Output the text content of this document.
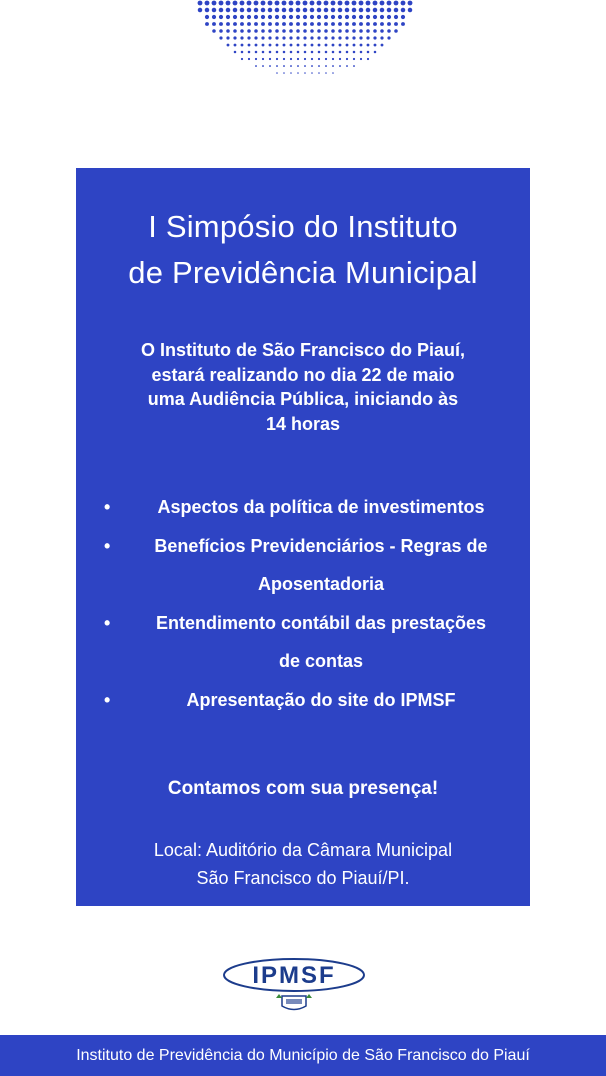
I Simpósio do Instituto
de Previdência Municipal
O Instituto de São Francisco do Piauí,
estará realizando no dia 22 de maio
uma Audiência Pública, iniciando às
14 horas
•	Aspectos da política de investimentos
•	Benefícios Previdenciários - Regras de
Aposentadoria
•	Entendimento contábil das prestações
de contas
•	Apresentação do site do IPMSF
Contamos com sua presença!
Local: Auditório da Câmara Municipal
São Francisco do Piauí/PI.
IPMSF
Instituto de Previdência do Município de São Francisco do Piauí
